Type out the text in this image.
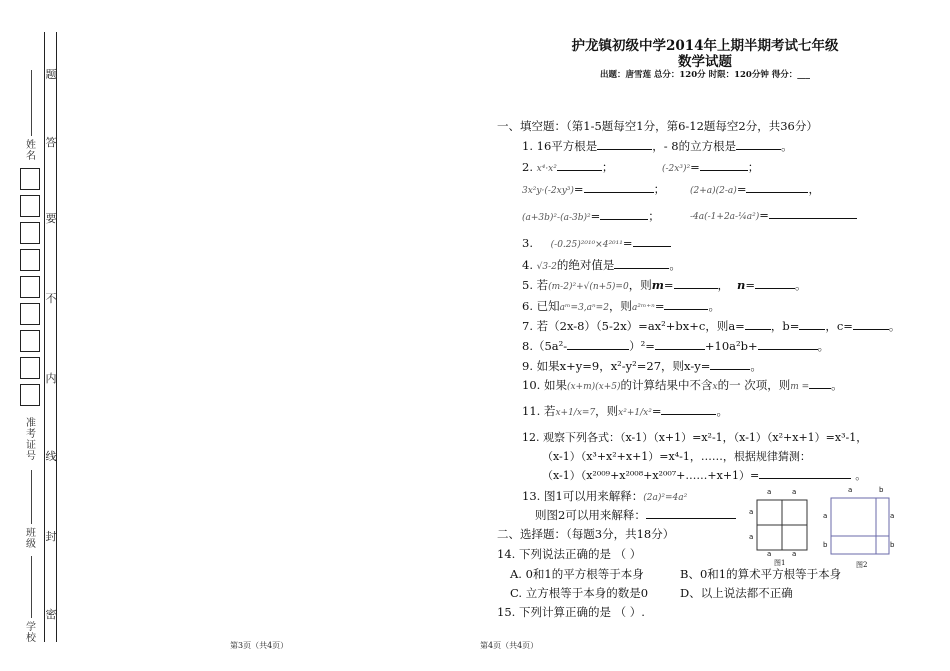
题
答
要
不
内
线
封
密
姓名
准考证号
班级
学校
护龙镇初级中学2014年上期半期考试七年级
数学试题
出题：唐雪莲 总分：120分 时限：120分钟 得分：___
一、填空题：（第1-5题每空1分，第6-12题每空2分，共36分）
1. 16平方根是	，- 8的立方根是	。
2. x⁴·x²	；	(-2x³)²=	；
3x²y·(-2xy³)=	；	(2+a)(2-a)=	，
(a+3b)²-(a-3b)²=	；	-4a(-1+2a-¼a²)=
3. (-0.25)²⁰¹⁰×4²⁰¹¹=
4. √3-2的绝对值是	。
5. 若(m-2)²+√(n+5)=0，则m=	， n=	。
6. 已知aᵐ=3,aⁿ=2，则a²ᵐ⁺ⁿ=	。
7. 若（2x-8）（5-2x）=ax²+bx+c，则a= ，b= ，c=	。
8.（5a²-	）²=	+10a²b+	。
9. 如果x+y=9，x²-y²=27，则x-y=	。
10. 如果(x+m)(x+5)的计算结果中不含x的一 次项，则m = 。
11. 若x+1/x=7，则x²+1/x²=	。
12. 观察下列各式：（x-1）（x+1）=x²-1，（x-1）（x²+x+1）=x³-1，
（x-1）（x³+x²+x+1）=x⁴-1，……，根据规律猜测：
（x-1）（x²⁰⁰⁹+x²⁰⁰⁸+x²⁰⁰⁷+……+x+1）=	。
13. 图1可以用来解释：(2a)²=4a²
则图2可以用来解释：
二、选择题：（每题3分，共18分）
14. 下列说法正确的是 （ ）
A. 0和1的平方根等于本身	B、0和1的算术平方根等于本身
C. 立方根等于本身的数是0	D、以上说法都不正确
15. 下列计算正确的是 （ ）.
a	a
a
a
a	a
图1
a	b
a
b
a
b
图2
第3页（共4页）	第4页（共4页）
